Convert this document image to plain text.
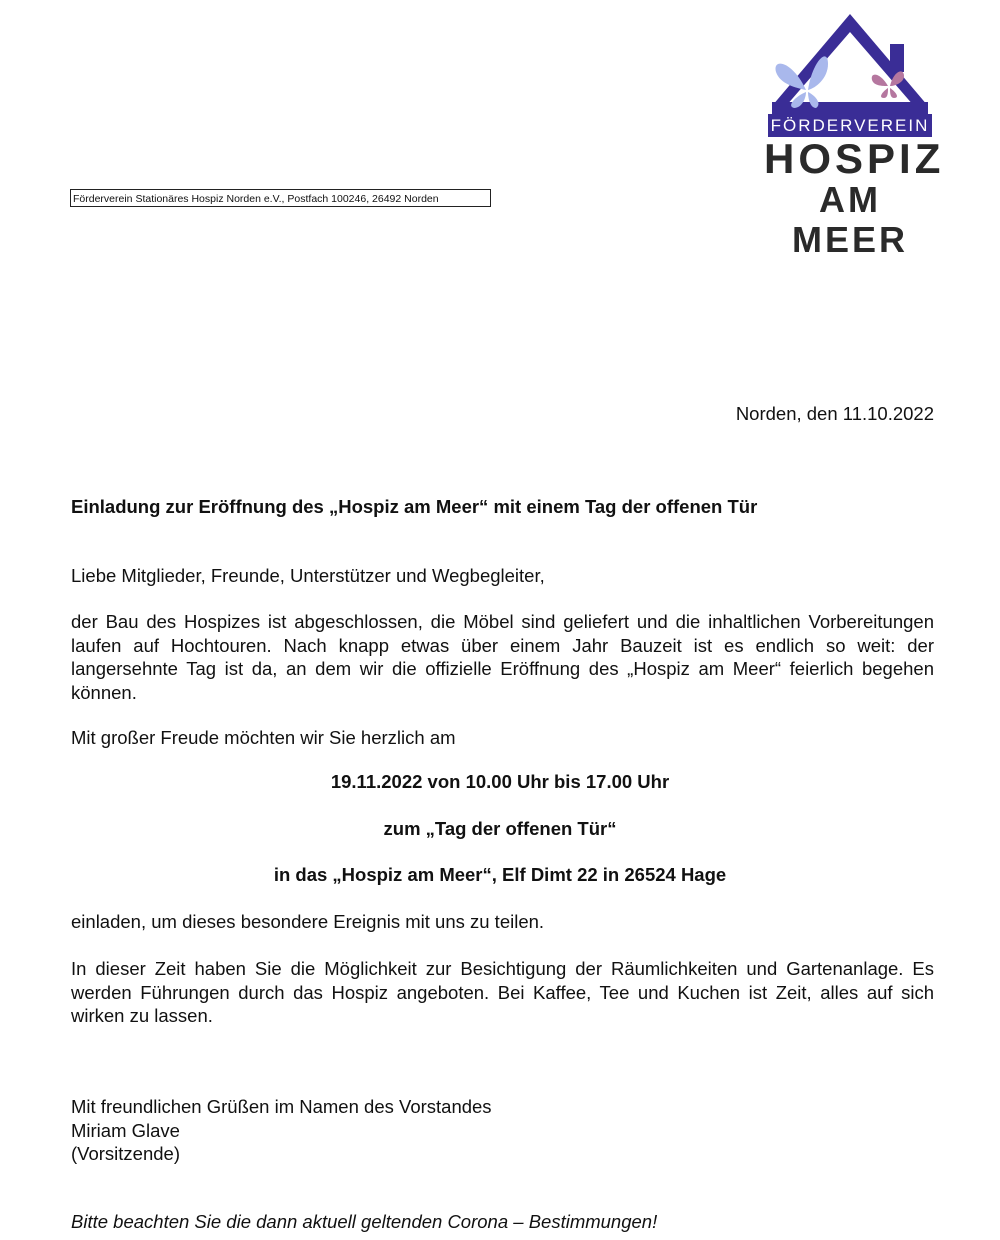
FÖRDERVEREIN
HOSPIZ
AM MEER
Förderverein Stationäres Hospiz Norden e.V., Postfach 100246, 26492 Norden
Norden, den 11.10.2022
Einladung zur Eröffnung des „Hospiz am Meer“ mit einem Tag der offenen Tür
Liebe Mitglieder, Freunde, Unterstützer und Wegbegleiter,
der Bau des Hospizes ist abgeschlossen, die Möbel sind geliefert und die inhaltlichen Vorbereitungen laufen auf Hochtouren. Nach knapp etwas über einem Jahr Bauzeit ist es endlich so weit: der langersehnte Tag ist da, an dem wir die offizielle Eröffnung des „Hospiz am Meer“ feierlich begehen können.
Mit großer Freude möchten wir Sie herzlich am
19.11.2022 von 10.00 Uhr bis 17.00 Uhr
zum „Tag der offenen Tür“
in das „Hospiz am Meer“, Elf Dimt 22 in 26524 Hage
einladen, um dieses besondere Ereignis mit uns zu teilen.
In dieser Zeit haben Sie die Möglichkeit zur Besichtigung der Räumlichkeiten und Gartenanlage. Es werden Führungen durch das Hospiz angeboten. Bei Kaffee, Tee und Kuchen ist Zeit, alles auf sich wirken zu lassen.
Mit freundlichen Grüßen im Namen des Vorstandes
Miriam Glave
(Vorsitzende)
Bitte beachten Sie die dann aktuell geltenden Corona – Bestimmungen!
